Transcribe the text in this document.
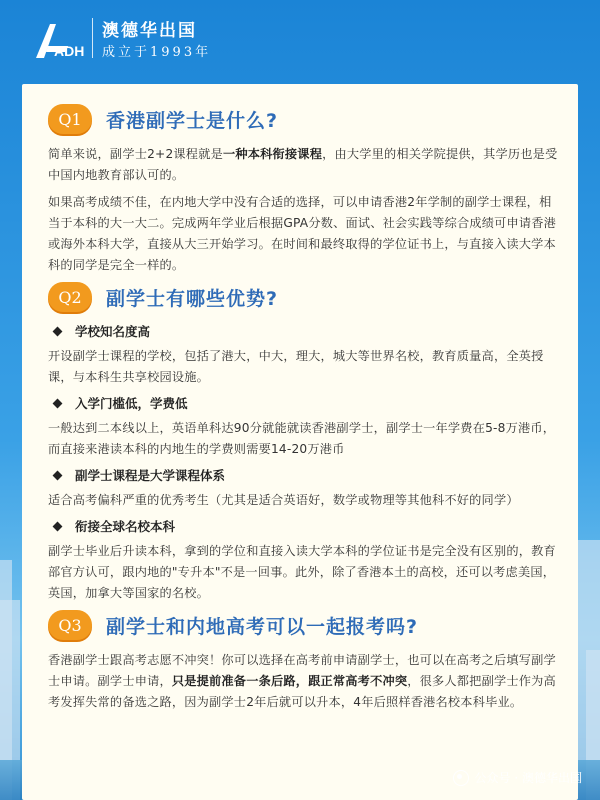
ADH
澳德华出国
成立于1993年
Q1	香港副学士是什么?

简单来说，副学士2+2课程就是一种本科衔接课程，由大学里的相关学院提供，其学历也是受中国内地教育部认可的。

如果高考成绩不佳，在内地大学中没有合适的选择，可以申请香港2年学制的副学士课程，相当于本科的大一大二。完成两年学业后根据GPA分数、面试、社会实践等综合成绩可申请香港或海外本科大学，直接从大三开始学习。在时间和最终取得的学位证书上，与直接入读大学本科的同学是完全一样的。

Q2	副学士有哪些优势?
学校知名度高

开设副学士课程的学校，包括了港大，中大，理大，城大等世界名校，教育质量高，全英授课，与本科生共享校园设施。

入学门槛低，学费低

一般达到二本线以上，英语单科达90分就能就读香港副学士，副学士一年学费在5-8万港币，而直接来港读本科的内地生的学费则需要14-20万港币

副学士课程是大学课程体系

适合高考偏科严重的优秀考生（尤其是适合英语好，数学或物理等其他科不好的同学）

衔接全球名校本科

副学士毕业后升读本科，拿到的学位和直接入读大学本科的学位证书是完全没有区别的，教育部官方认可，跟内地的"专升本"不是一回事。此外，除了香港本土的高校，还可以考虑美国，英国，加拿大等国家的名校。

Q3	副学士和内地高考可以一起报考吗?

香港副学士跟高考志愿不冲突！你可以选择在高考前申请副学士，也可以在高考之后填写副学士申请。副学士申请，只是提前准备一条后路，跟正常高考不冲突，很多人都把副学士作为高考发挥失常的备选之路，因为副学士2年后就可以升本，4年后照样香港名校本科毕业。

公众号 · 澳德华出国
